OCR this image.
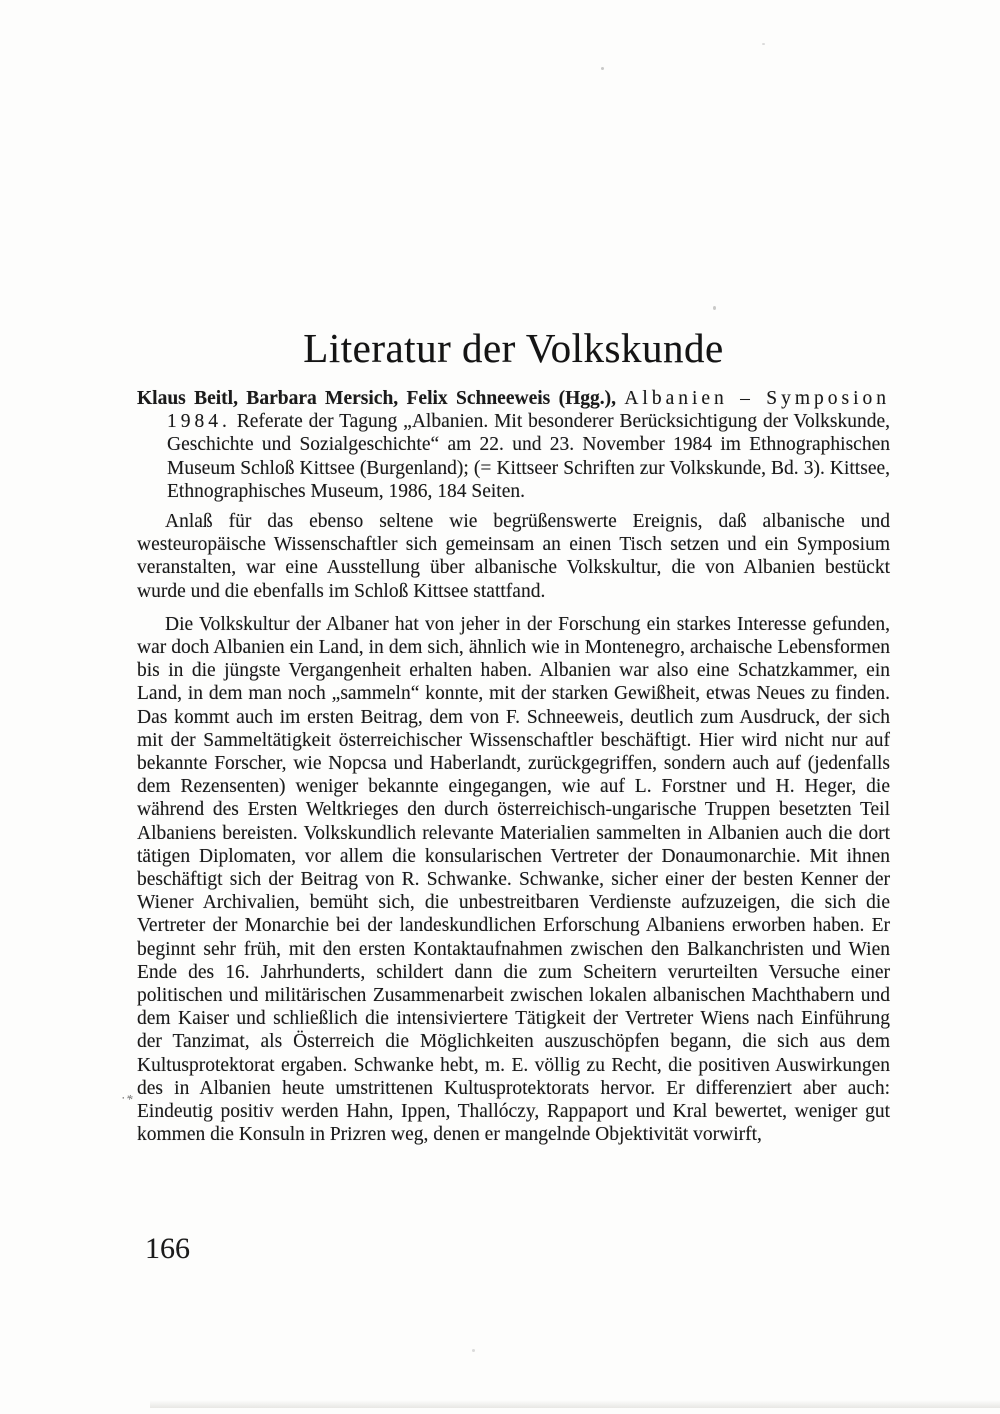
Literatur der Volkskunde

Klaus Beitl, Barbara Mersich, Felix Schneeweis (Hgg.), Albanien – Symposion 1984. Referate der Tagung „Albanien. Mit besonderer Berücksichtigung der Volkskunde, Geschichte und Sozialgeschichte“ am 22. und 23. November 1984 im Ethnographischen Museum Schloß Kittsee (Burgenland); (= Kittseer Schriften zur Volkskunde, Bd. 3). Kittsee, Ethnographisches Museum, 1986, 184 Seiten.

Anlaß für das ebenso seltene wie begrüßenswerte Ereignis, daß albanische und westeuropäische Wissenschaftler sich gemeinsam an einen Tisch setzen und ein Symposium veranstalten, war eine Ausstellung über albanische Volkskultur, die von Albanien bestückt wurde und die ebenfalls im Schloß Kittsee stattfand.

Die Volkskultur der Albaner hat von jeher in der Forschung ein starkes Interesse gefunden, war doch Albanien ein Land, in dem sich, ähnlich wie in Montenegro, archaische Lebensformen bis in die jüngste Vergangenheit erhalten haben. Albanien war also eine Schatzkammer, ein Land, in dem man noch „sammeln“ konnte, mit der starken Gewißheit, etwas Neues zu finden. Das kommt auch im ersten Beitrag, dem von F. Schneeweis, deutlich zum Ausdruck, der sich mit der Sammeltätigkeit österreichischer Wissenschaftler beschäftigt. Hier wird nicht nur auf bekannte Forscher, wie Nopcsa und Haberlandt, zurückgegriffen, sondern auch auf (jedenfalls dem Rezensenten) weniger bekannte eingegangen, wie auf L. Forstner und H. Heger, die während des Ersten Weltkrieges den durch österreichisch-ungarische Truppen besetzten Teil Albaniens bereisten. Volkskundlich relevante Materialien sammelten in Albanien auch die dort tätigen Diplomaten, vor allem die konsularischen Vertreter der Donaumonarchie. Mit ihnen beschäftigt sich der Beitrag von R. Schwanke. Schwanke, sicher einer der besten Kenner der Wiener Archivalien, bemüht sich, die unbestreitbaren Verdienste aufzuzeigen, die sich die Vertreter der Monarchie bei der landeskundlichen Erforschung Albaniens erworben haben. Er beginnt sehr früh, mit den ersten Kontaktaufnahmen zwischen den Balkanchristen und Wien Ende des 16. Jahrhunderts, schildert dann die zum Scheitern verurteilten Versuche einer politischen und militärischen Zusammenarbeit zwischen lokalen albanischen Machthabern und dem Kaiser und schließlich die intensiviertere Tätigkeit der Vertreter Wiens nach Einführung der Tanzimat, als Österreich die Möglichkeiten auszuschöpfen begann, die sich aus dem Kultusprotektorat ergaben. Schwanke hebt, m. E. völlig zu Recht, die positiven Auswirkungen des in Albanien heute umstrittenen Kultusprotektorats hervor. Er differenziert aber auch: Eindeutig positiv werden Hahn, Ippen, Thallóczy, Rappaport und Kral bewertet, weniger gut kommen die Konsuln in Prizren weg, denen er mangelnde Objektivität vorwirft,

·*
166
